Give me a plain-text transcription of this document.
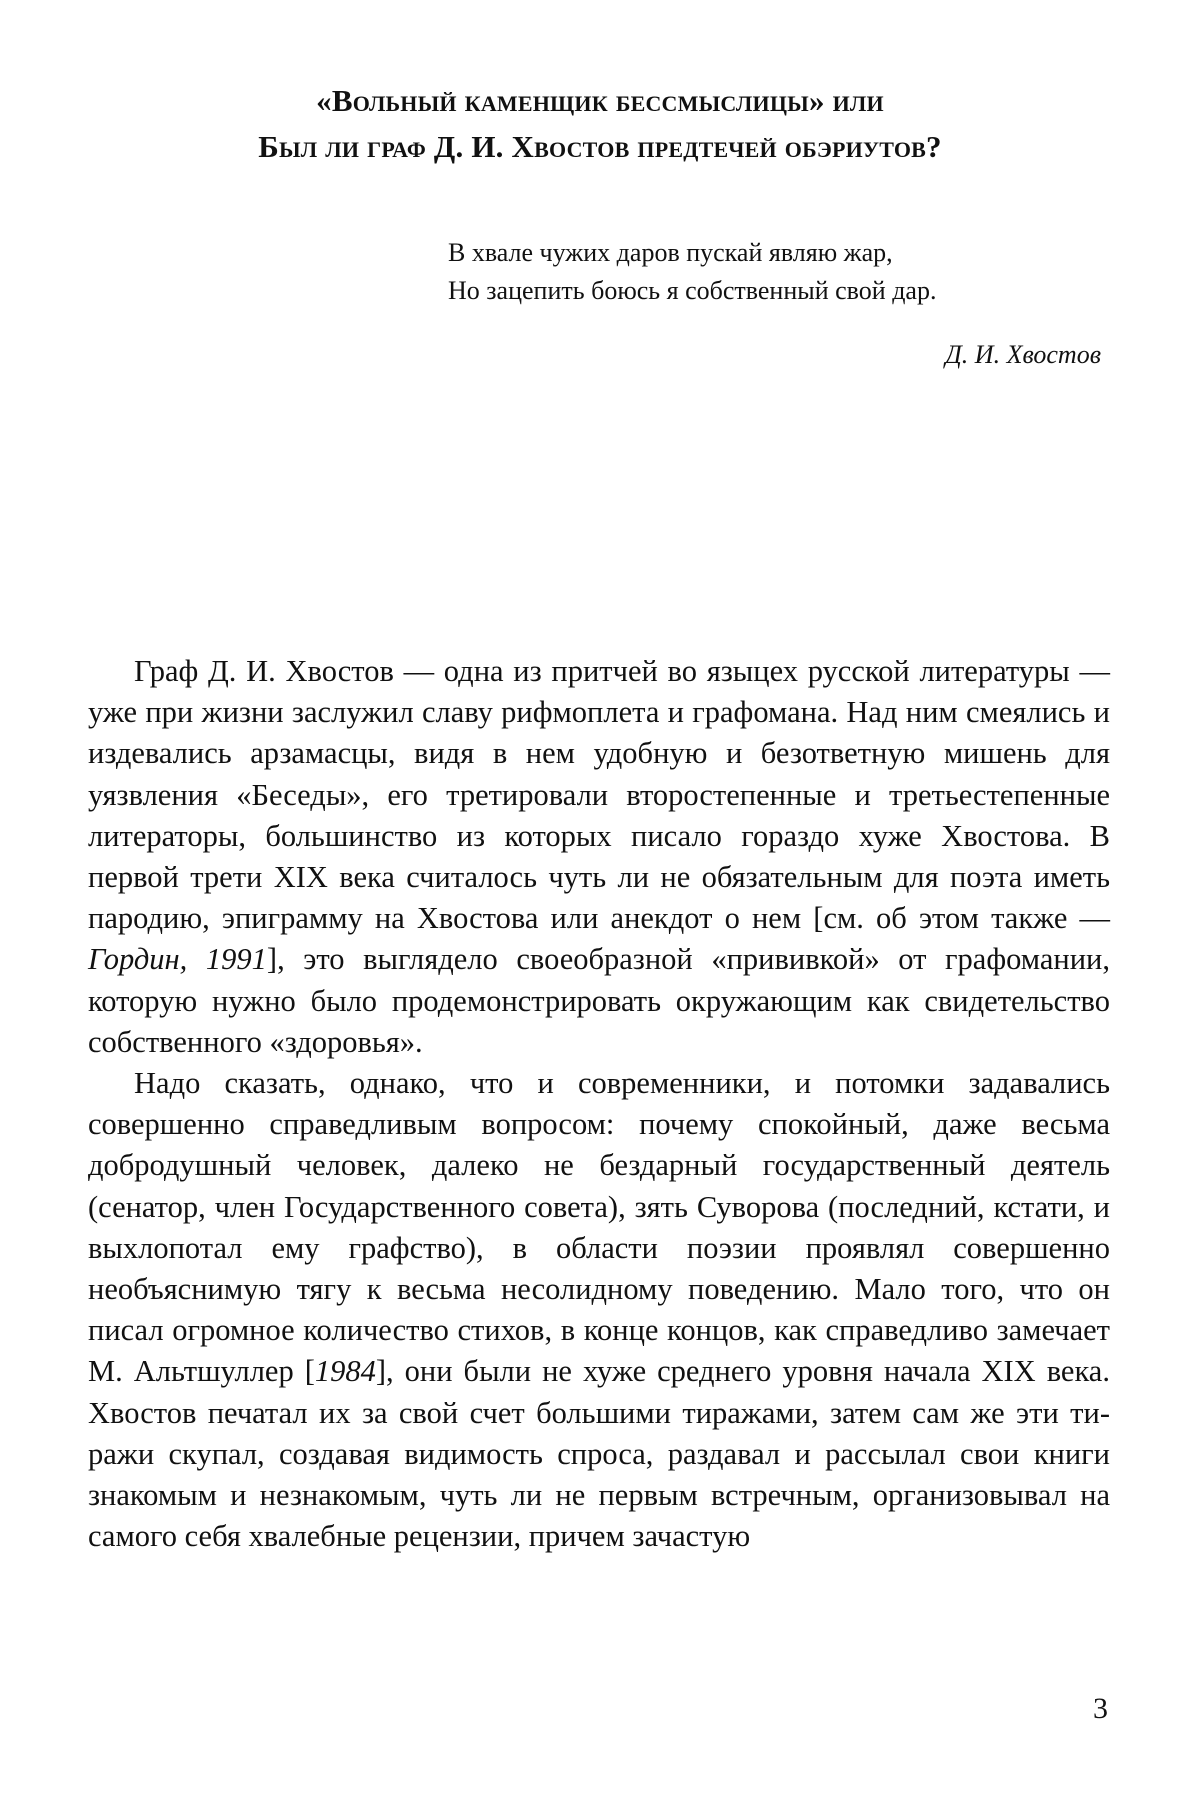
«Вольный каменщик бессмыслицы» или
Был ли граф Д. И. Хвостов предтечей обэриутов?
В хвале чужих даров пускай являю жар,
Но зацепить боюсь я собственный свой дар.
Д. И. Хвостов

Граф Д. И. Хвостов — одна из притчей во языцех русской литературы — уже при жизни заслужил славу рифмоплета и графомана. Над ним смеялись и издевались арзамасцы, видя в нем удобную и безответную мишень для уязвления «Беседы», его третировали второстепенные и третьестепенные литераторы, большинство из которых писало гораздо хуже Хвостова. В первой трети XIX века считалось чуть ли не обязательным для поэта иметь пародию, эпиграмму на Хвостова или анекдот о нем [см. об этом также — Гордин, 1991], это выглядело своеобразной «прививкой» от графомании, которую нужно было продемонстрировать окружающим как свидетельство собственного «здоровья».

Надо сказать, однако, что и современники, и потомки задавались совершенно справедливым вопросом: почему спокойный, даже весьма добродушный человек, далеко не бездарный государственный деятель (сенатор, член Государственного совета), зять Суворова (последний, кстати, и выхлопотал ему графство), в области поэзии проявлял совершенно необъяснимую тягу к весьма несолидному поведению. Мало того, что он писал огромное количество стихов, в конце концов, как справедливо замечает М. Альтшуллер [1984], они были не хуже среднего уровня начала XIX века. Хвостов печатал их за свой счет большими тиражами, затем сам же эти тиражи скупал, создавая видимость спроса, раздавал и рассылал свои книги знакомым и незнакомым, чуть ли не первым встречным, организовывал на самого себя хвалебные рецензии, причем зачастую

3
